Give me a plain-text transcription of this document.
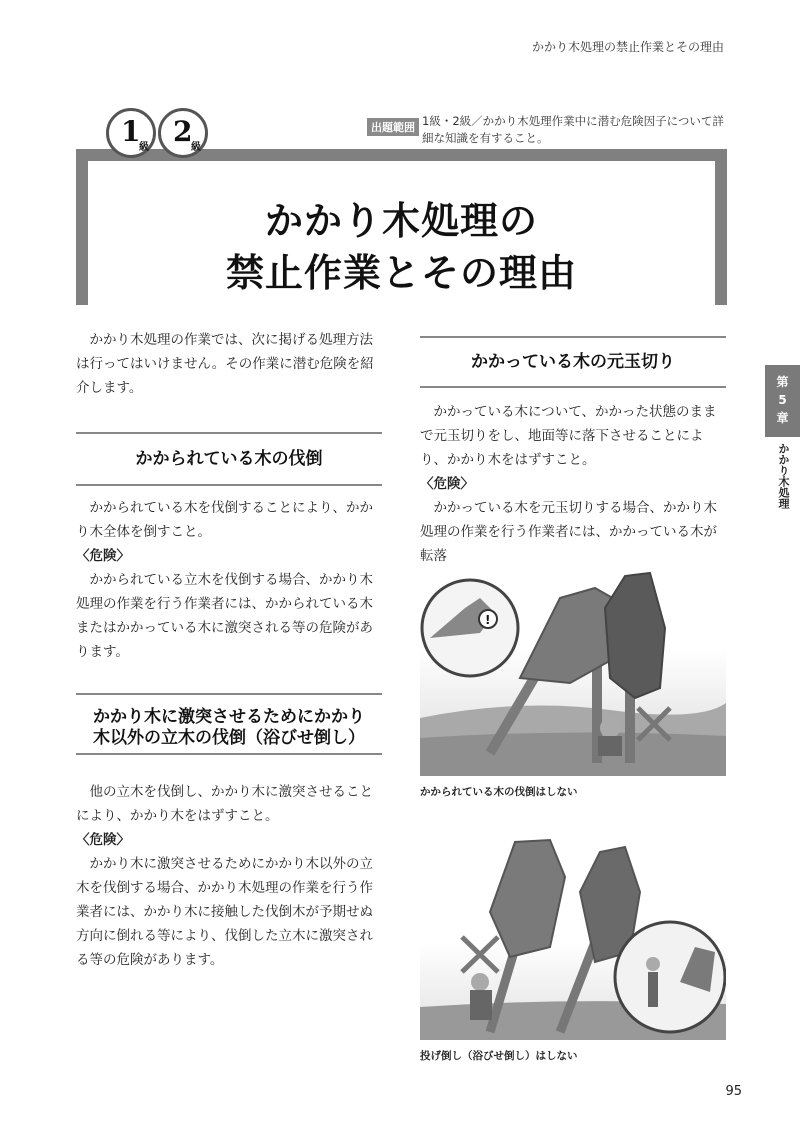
かかり木処理の禁止作業とその理由
1
級 2
級
出題範囲 1級・2級／かかり木処理作業中に潜む危険因子について詳細な知識を有すること。
かかり木処理の
禁止作業とその理由

かかり木処理の作業では、次に掲げる処理方法は行ってはいけません。その作業に潜む危険を紹介します。

かかられている木の伐倒

かかられている木を伐倒することにより、かかり木全体を倒すこと。

〈危険〉

かかられている立木を伐倒する場合、かかり木処理の作業を行う作業者には、かかられている木またはかかっている木に激突される等の危険があります。

かかり木に激突させるためにかかり
木以外の立木の伐倒（浴びせ倒し）

他の立木を伐倒し、かかり木に激突させることにより、かかり木をはずすこと。

〈危険〉

かかり木に激突させるためにかかり木以外の立木を伐倒する場合、かかり木処理の作業を行う作業者には、かかり木に接触した伐倒木が予期せぬ方向に倒れる等により、伐倒した立木に激突される等の危険があります。

かかっている木の元玉切り

かかっている木について、かかった状態のままで元玉切りをし、地面等に落下させることにより、かかり木をはずすこと。

〈危険〉

かかっている木を元玉切りする場合、かかり木処理の作業を行う作業者には、かかっている木が転落

!
かかられている木の伐倒はしない
投げ倒し（浴びせ倒し）はしない
第
5
章
かかり木処理
95
